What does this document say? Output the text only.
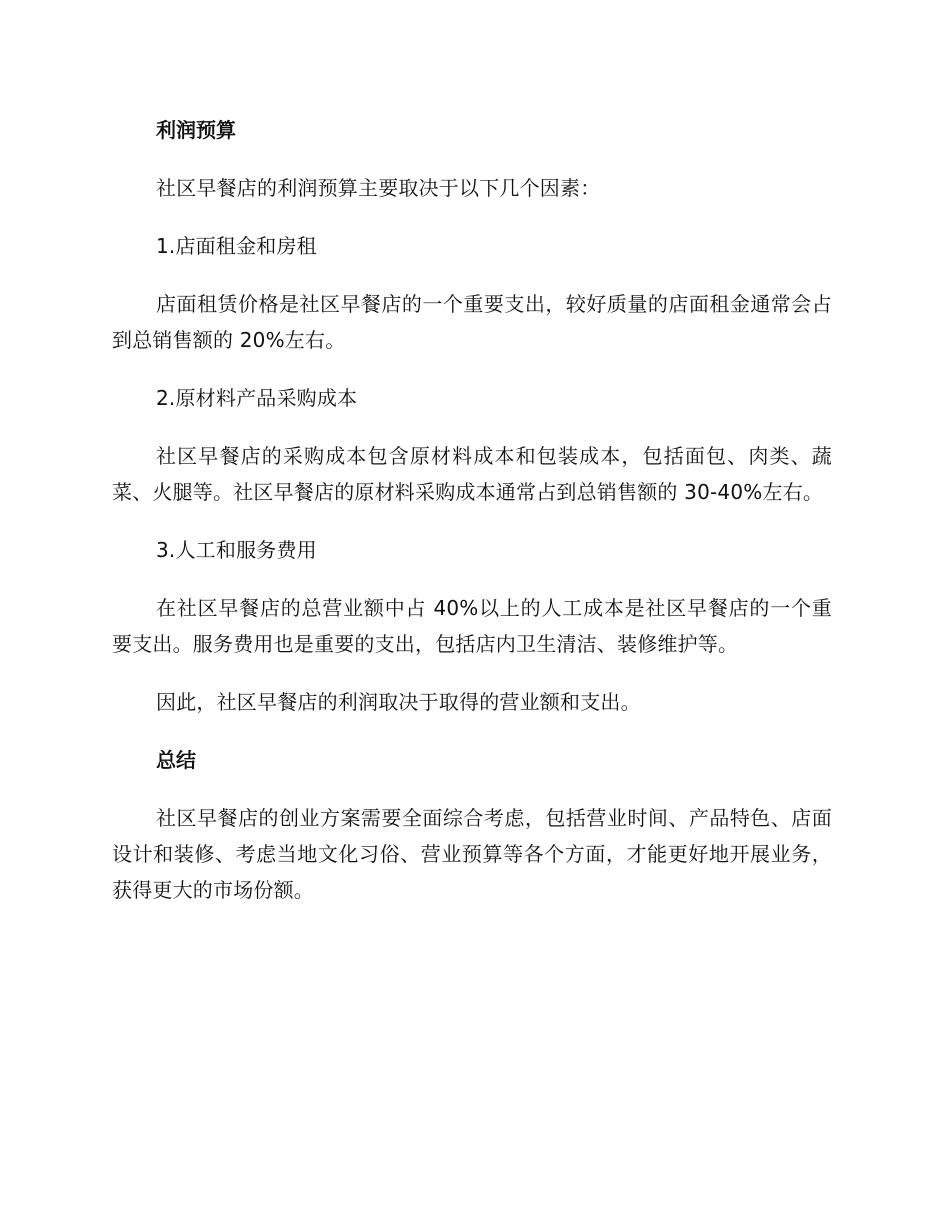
利润预算

社区早餐店的利润预算主要取决于以下几个因素：

1.店面租金和房租

店面租赁价格是社区早餐店的一个重要支出，较好质量的店面租金通常会占到总销售额的 20%左右。

2.原材料产品采购成本

社区早餐店的采购成本包含原材料成本和包装成本，包括面包、肉类、蔬菜、火腿等。社区早餐店的原材料采购成本通常占到总销售额的 30-40%左右。

3.人工和服务费用

在社区早餐店的总营业额中占 40%以上的人工成本是社区早餐店的一个重要支出。服务费用也是重要的支出，包括店内卫生清洁、装修维护等。

因此，社区早餐店的利润取决于取得的营业额和支出。

总结

社区早餐店的创业方案需要全面综合考虑，包括营业时间、产品特色、店面设计和装修、考虑当地文化习俗、营业预算等各个方面，才能更好地开展业务，获得更大的市场份额。
